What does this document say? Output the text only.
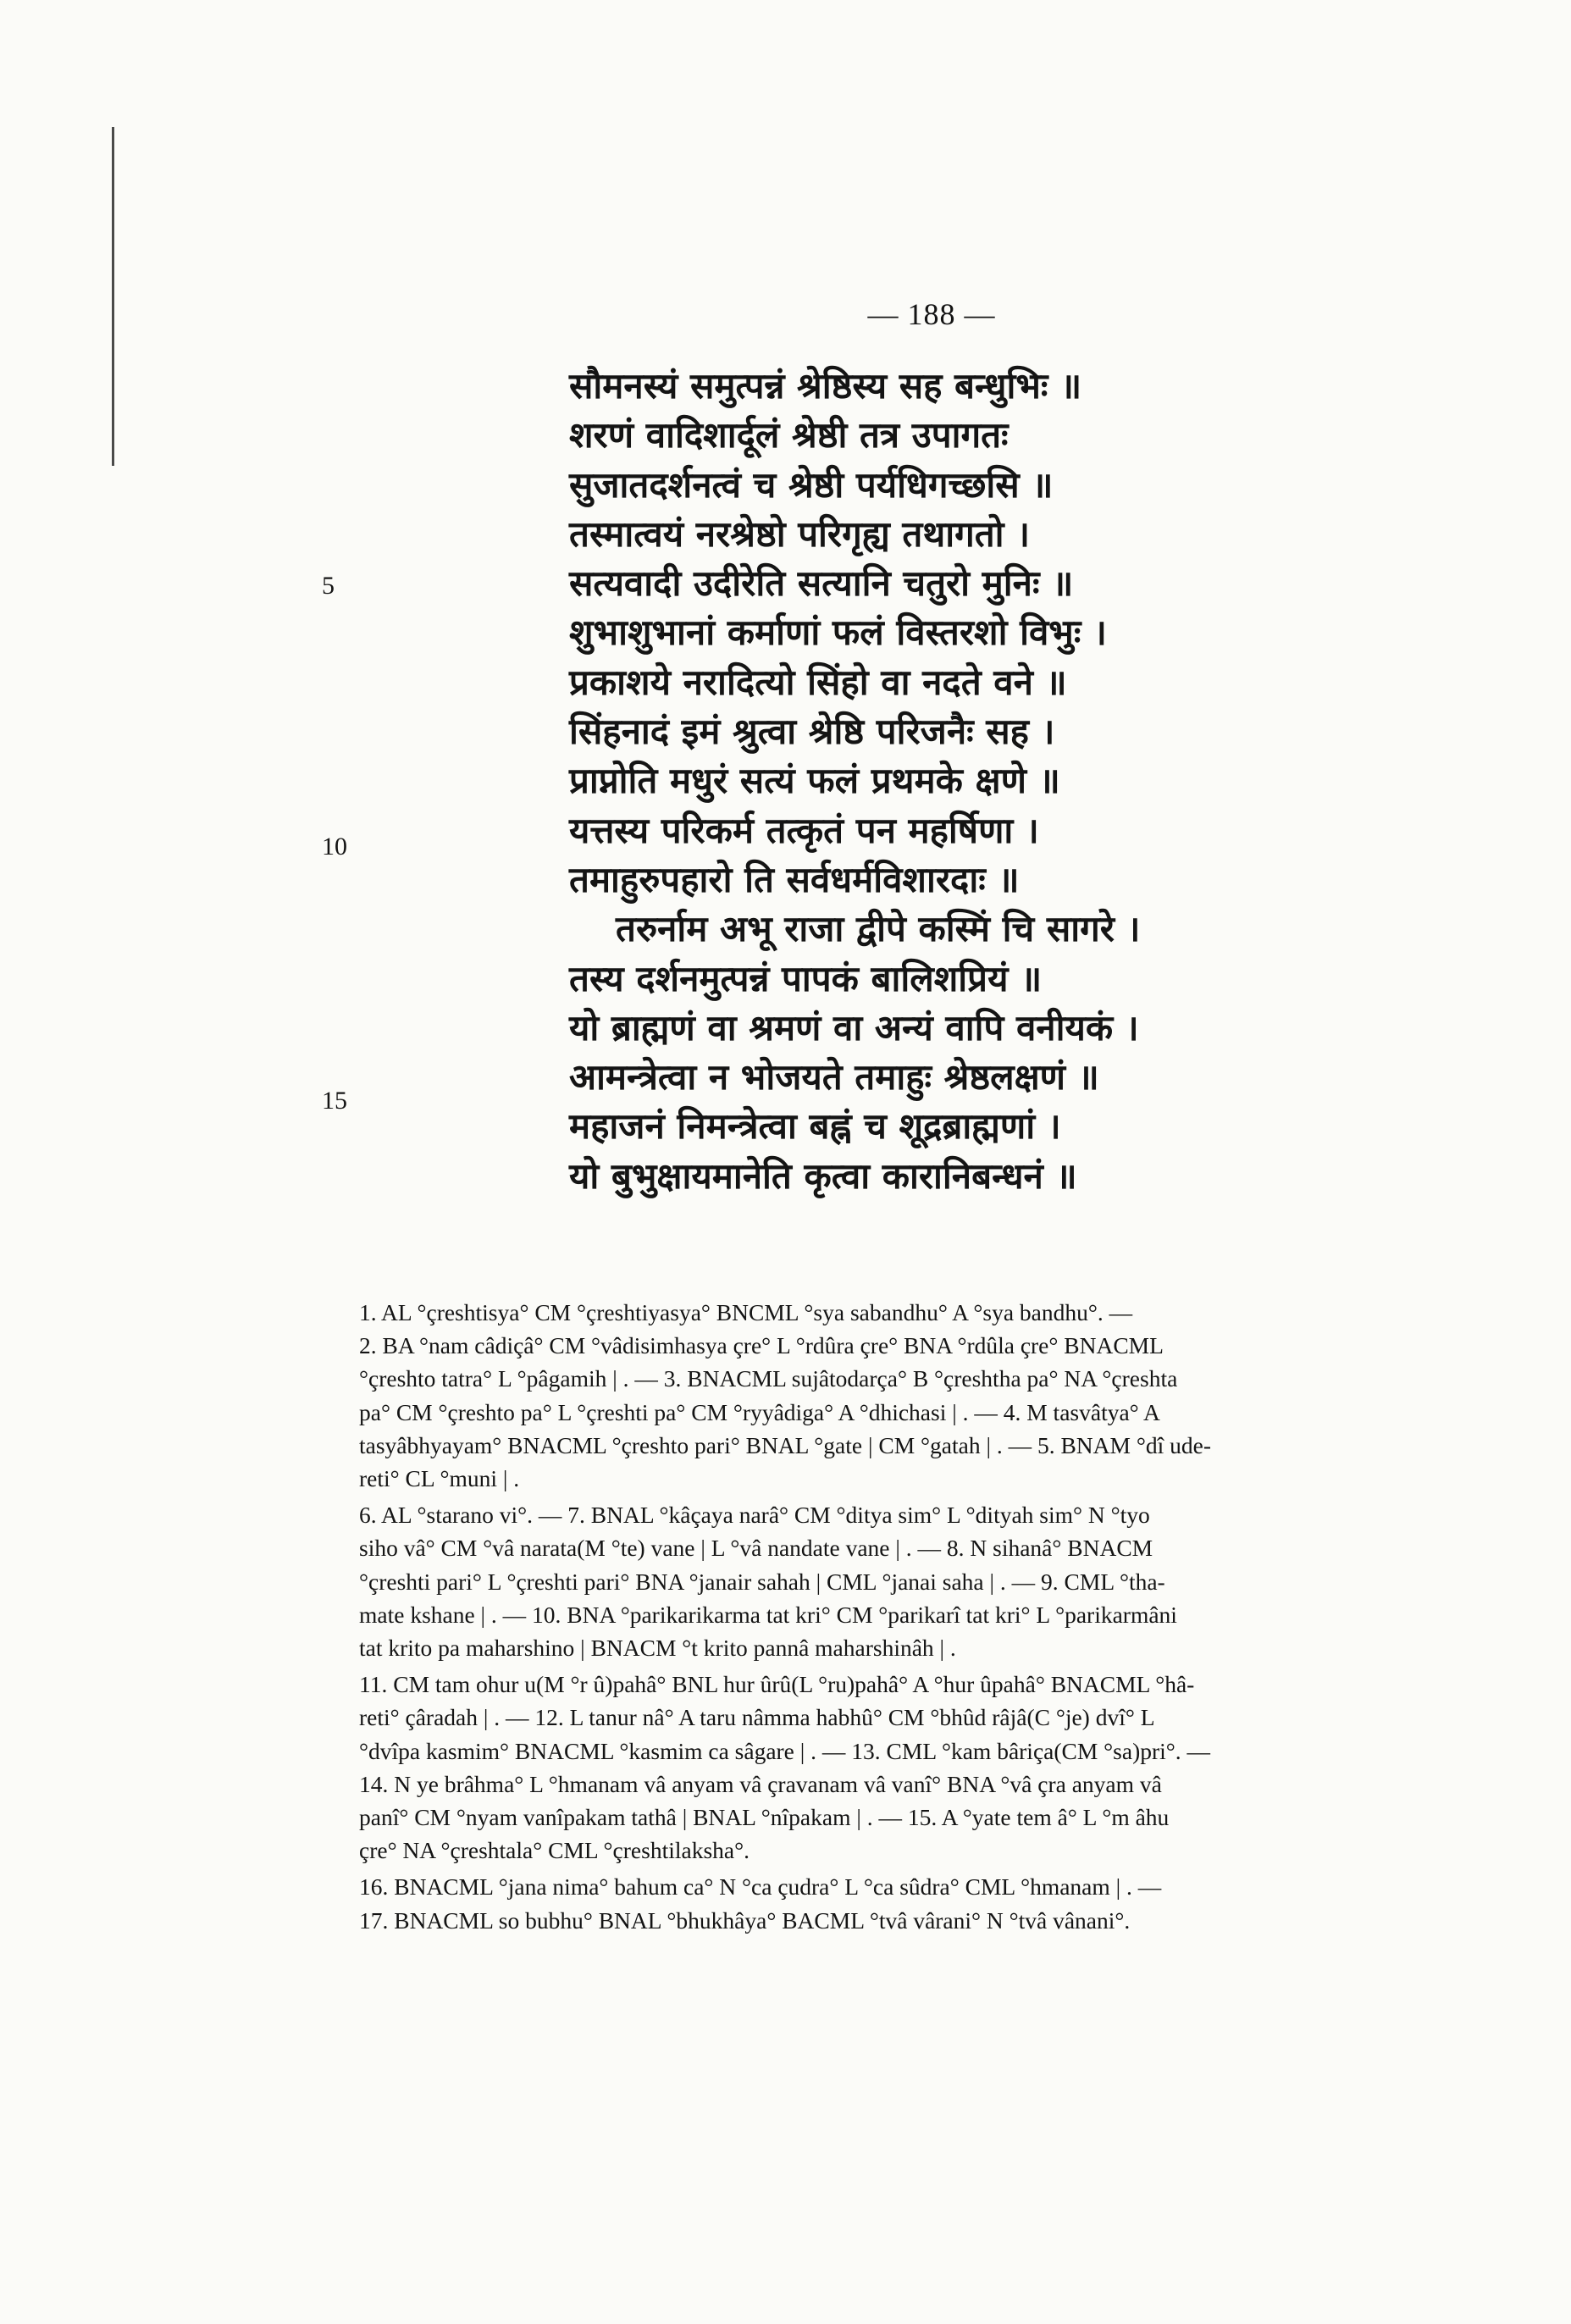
— 188 —
सौमनस्यं समुत्पन्नं श्रेष्ठिस्य सह बन्धुभिः ॥
शरणं वादिशार्दूलं श्रेष्ठी तत्र उपागतः
सुजातदर्शनत्वं च श्रेष्ठी पर्यधिगच्छसि ॥
तस्मात्वयं नरश्रेष्ठो परिगृह्य तथागतो ।
सत्यवादी उदीरेति सत्यानि चतुरो मुनिः ॥
शुभाशुभानां कर्माणां फलं विस्तरशो विभुः ।
प्रकाशये नरादित्यो सिंहो वा नदते वने ॥
सिंहनादं इमं श्रुत्वा श्रेष्ठि परिजनैः सह ।
प्राप्नोति मधुरं सत्यं फलं प्रथमके क्षणे ॥
यत्तस्य परिकर्म तत्कृतं पन महर्षिणा ।
तमाहुरुपहारो ति सर्वधर्मविशारदाः ॥
तरुर्नाम अभू राजा द्वीपे कस्मिं चि सागरे ।
तस्य दर्शनमुत्पन्नं पापकं बालिशप्रियं ॥
यो ब्राह्मणं वा श्रमणं वा अन्यं वापि वनीयकं ।
आमन्त्रेत्वा न भोजयते तमाहुः श्रेष्ठलक्षणं ॥
महाजनं निमन्त्रेत्वा बह्नं च शूद्रब्राह्मणां ।
यो बुभुक्षायमानेति कृत्वा कारानिबन्धनं ॥
5
10
15
1. AL °çreshtisya° CM °çreshtiyasya° BNCML °sya sabandhu° A °sya bandhu°. —
2. BA °nam câdiçâ° CM °vâdisimhasya çre° L °rdûra çre° BNA °rdûla çre° BNACML
°çreshto tatra° L °pâgamih | . — 3. BNACML sujâtodarça° B °çreshtha pa° NA °çreshta
pa° CM °çreshto pa° L °çreshti pa° CM °ryyâdiga° A °dhichasi | . — 4. M tasvâtya° A
tasyâbhyayam° BNACML °çreshto pari° BNAL °gate | CM °gatah | . — 5. BNAM °dî ude-
reti° CL °muni | .
6. AL °starano vi°. — 7. BNAL °kâçaya narâ° CM °ditya sim° L °dityah sim° N °tyo
siho vâ° CM °vâ narata(M °te) vane | L °vâ nandate vane | . — 8. N sihanâ° BNACM
°çreshti pari° L °çreshti pari° BNA °janair sahah | CML °janai saha | . — 9. CML °tha-
mate kshane | . — 10. BNA °parikarikarma tat kri° CM °parikarî tat kri° L °parikarmâni
tat krito pa maharshino | BNACM °t krito pannâ maharshinâh | .
11. CM tam ohur u(M °r û)pahâ° BNL hur ûrû(L °ru)pahâ° A °hur ûpahâ° BNACML °hâ-
reti° çâradah | . — 12. L tanur nâ° A taru nâmma habhû° CM °bhûd râjâ(C °je) dvî° L
°dvîpa kasmim° BNACML °kasmim ca sâgare | . — 13. CML °kam bâriça(CM °sa)pri°. —
14. N ye brâhma° L °hmanam vâ anyam vâ çravanam vâ vanî° BNA °vâ çra anyam vâ
panî° CM °nyam vanîpakam tathâ | BNAL °nîpakam | . — 15. A °yate tem â° L °m âhu
çre° NA °çreshtala° CML °çreshtilaksha°.
16. BNACML °jana nima° bahum ca° N °ca çudra° L °ca sûdra° CML °hmanam | . —
17. BNACML so bubhu° BNAL °bhukhâya° BACML °tvâ vârani° N °tvâ vânani°.
